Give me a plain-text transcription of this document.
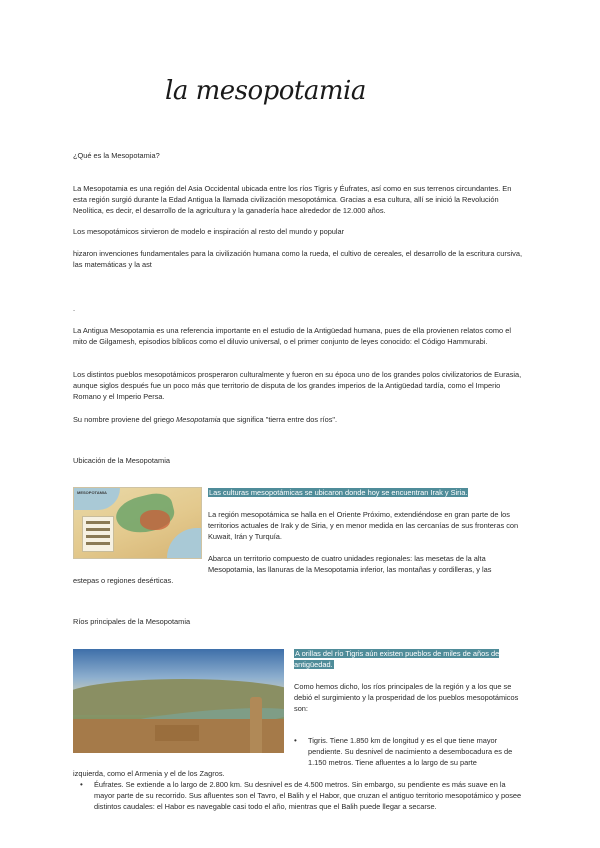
la mesopotamia

¿Qué es la Mesopotamia?

La Mesopotamia es una región del Asia Occidental ubicada entre los ríos Tigris y Éufrates, así como en sus terrenos circundantes. En esta región surgió durante la Edad Antigua la llamada civilización mesopotámica. Gracias a esa cultura, allí se inició la Revolución Neolítica, es decir, el desarrollo de la agricultura y la ganadería hace alrededor de 12.000 años.

Los mesopotámicos sirvieron de modelo e inspiración al resto del mundo y popular

hizaron invenciones fundamentales para la civilización humana como la rueda, el cultivo de cereales, el desarrollo de la escritura cursiva, las matemáticas y la ast

.

La Antigua Mesopotamia es una referencia importante en el estudio de la Antigüedad humana, pues de ella provienen relatos como el mito de Gilgamesh, episodios bíblicos como el diluvio universal, o el primer conjunto de leyes conocido: el Código Hammurabi.

Los distintos pueblos mesopotámicos prosperaron culturalmente y fueron en su época uno de los grandes polos civilizatorios de Eurasia, aunque siglos después fue un poco más que territorio de disputa de los grandes imperios de la Antigüedad tardía, como el Imperio Romano y el Imperio Persa.

Su nombre proviene del griego Mesopotamia que significa "tierra entre dos ríos".

Ubicación de la Mesopotamia

MESOPOTAMIA	Las culturas mesopotámicas se ubicaron donde hoy se encuentran Irak y Siria.

La región mesopotámica se halla en el Oriente Próximo, extendiéndose en gran parte de los territorios actuales de Irak y de Siria, y en menor medida en las cercanías de sus fronteras con Kuwait, Irán y Turquía.

Abarca un territorio compuesto de cuatro unidades regionales: las mesetas de la alta Mesopotamia, las llanuras de la Mesopotamia inferior, las montañas y cordilleras, y las

estepas o regiones desérticas.

Ríos principales de la Mesopotamia

A orillas del río Tigris aún existen pueblos de miles de años de antigüedad.

Como hemos dicho, los ríos principales de la región y a los que se debió el surgimiento y la prosperidad de los pueblos mesopotámicos son:

• Tigris. Tiene 1.850 km de longitud y es el que tiene mayor pendiente. Su desnivel de nacimiento a desembocadura es de 1.150 metros. Tiene afluentes a lo largo de su parte

izquierda, como el Armenia y el de los Zagros.

• Éufrates. Se extiende a lo largo de 2.800 km. Su desnivel es de 4.500 metros. Sin embargo, su pendiente es más suave en la mayor parte de su recorrido. Sus afluentes son el Tavro, el Balih y el Habor, que cruzan el antiguo territorio mesopotámico y posee distintos caudales: el Habor es navegable casi todo el año, mientras que el Balih puede llegar a secarse.
